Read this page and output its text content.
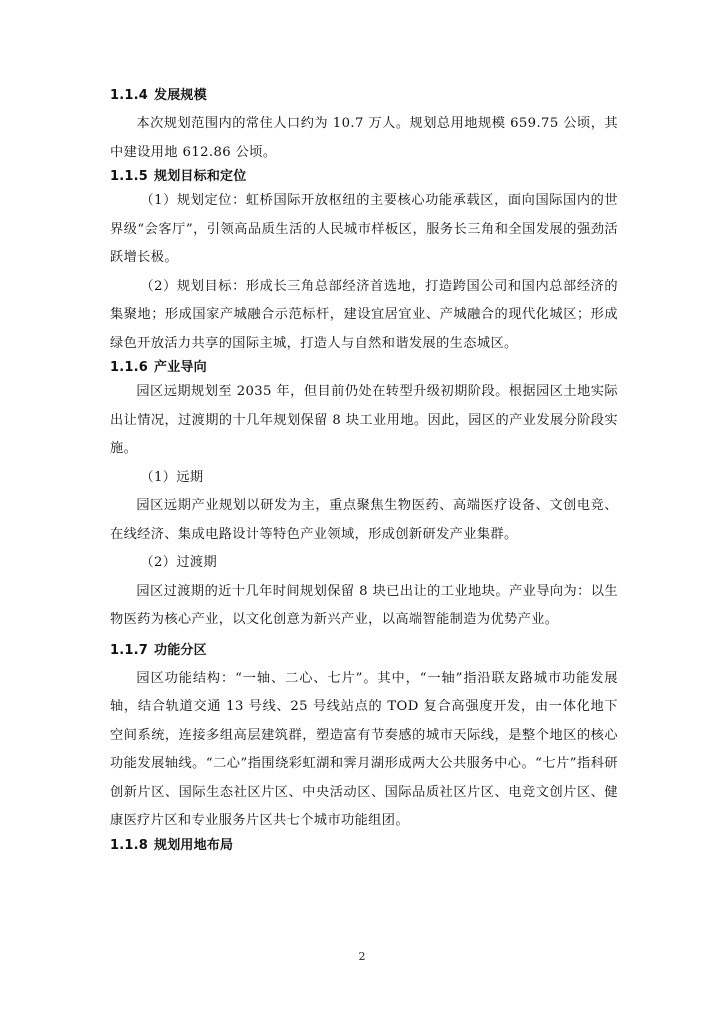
1.1.4 发展规模

本次规划范围内的常住人口约为 10.7 万人。规划总用地规模 659.75 公顷，其中建设用地 612.86 公顷。

1.1.5 规划目标和定位

（1）规划定位：虹桥国际开放枢纽的主要核心功能承载区，面向国际国内的世界级“会客厅”，引领高品质生活的人民城市样板区，服务长三角和全国发展的强劲活跃增长极。

（2）规划目标：形成长三角总部经济首选地，打造跨国公司和国内总部经济的集聚地；形成国家产城融合示范标杆，建设宜居宜业、产城融合的现代化城区；形成绿色开放活力共享的国际主城，打造人与自然和谐发展的生态城区。

1.1.6 产业导向

园区远期规划至 2035 年，但目前仍处在转型升级初期阶段。根据园区土地实际出让情况，过渡期的十几年规划保留 8 块工业用地。因此，园区的产业发展分阶段实施。

（1）远期

园区远期产业规划以研发为主，重点聚焦生物医药、高端医疗设备、文创电竞、在线经济、集成电路设计等特色产业领域，形成创新研发产业集群。

（2）过渡期

园区过渡期的近十几年时间规划保留 8 块已出让的工业地块。产业导向为：以生物医药为核心产业，以文化创意为新兴产业，以高端智能制造为优势产业。

1.1.7 功能分区

园区功能结构：“一轴、二心、七片”。其中，“一轴”指沿联友路城市功能发展轴，结合轨道交通 13 号线、25 号线站点的 TOD 复合高强度开发，由一体化地下空间系统，连接多组高层建筑群，塑造富有节奏感的城市天际线，是整个地区的核心功能发展轴线。“二心”指围绕彩虹湖和霁月湖形成两大公共服务中心。“七片”指科研创新片区、国际生态社区片区、中央活动区、国际品质社区片区、电竞文创片区、健康医疗片区和专业服务片区共七个城市功能组团。

1.1.8 规划用地布局
2
